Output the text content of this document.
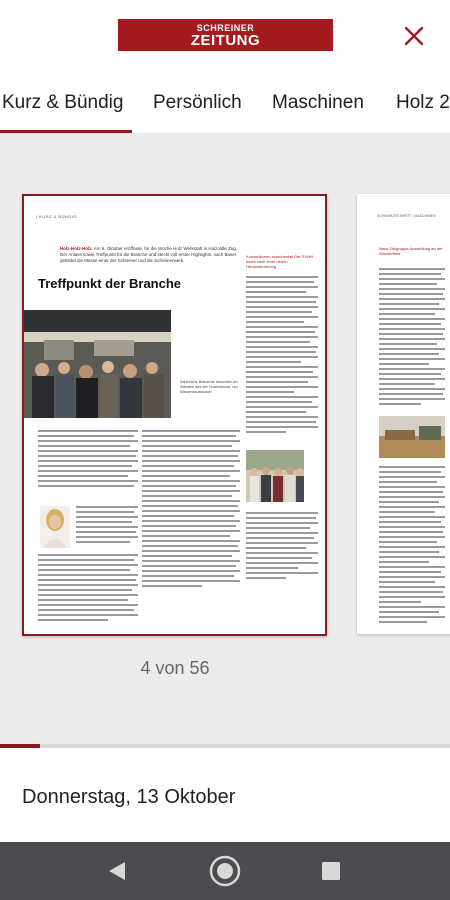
SCHREINER
ZEITUNG
Kurz & Bündig Persönlich Maschinen Holz 2
| KURZ & BÜNDIG
Holz-Holz-Holz. Am 6. Oktober eröffnete, für die Woche Holz Werkstatt in Holzoldle Zug. Der Anlass sowie Treffpunkt für die Branche und steckt voll erster Highlights: nach Basel gebildet die Messe einer der Schreiner und die Schreinerwerk.
Treffpunkt der Branche
Zahlreiche Besucher tauschten an Ständen aus der Holzbranche, um Wissensaustausch
Konventionen zwischenfall Der SVHH sucht nach einer neuen Herausforderung
SCHWARZES BRETT | MASCHINEN
Neue Zielgruppe Ausstellung an der Wanderfeier
4 von 56
Donnerstag, 13 Oktober
